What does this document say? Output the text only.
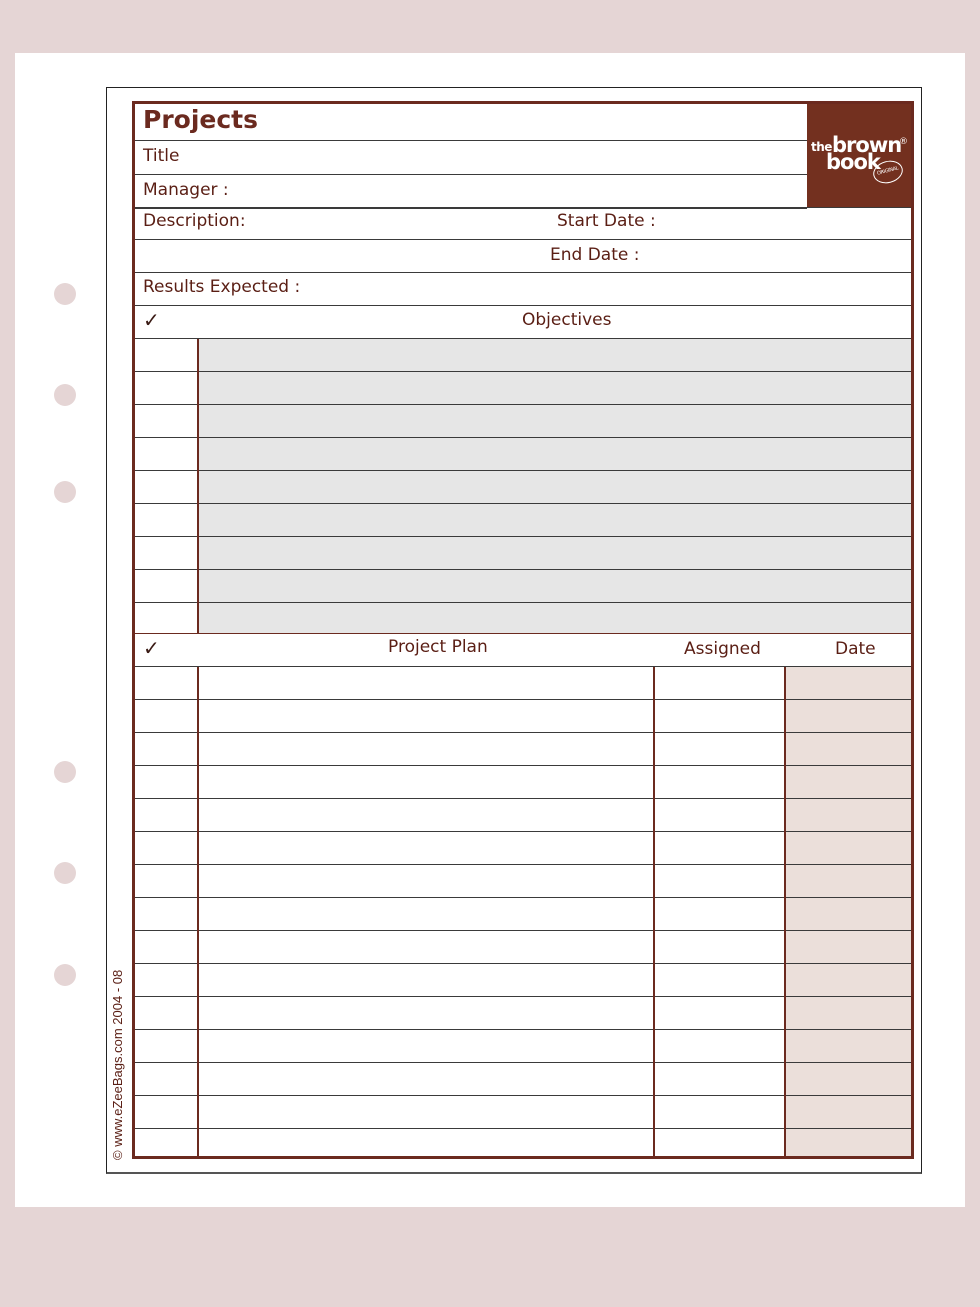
© www.eZeeBags.com 2004 - 08
Projects
Title
Manager :
the brown
®
book
ORIGINAL
Description:	Start Date :
End Date :
Results Expected :
✓	Objectives
✓	Project Plan	Assigned	Date
